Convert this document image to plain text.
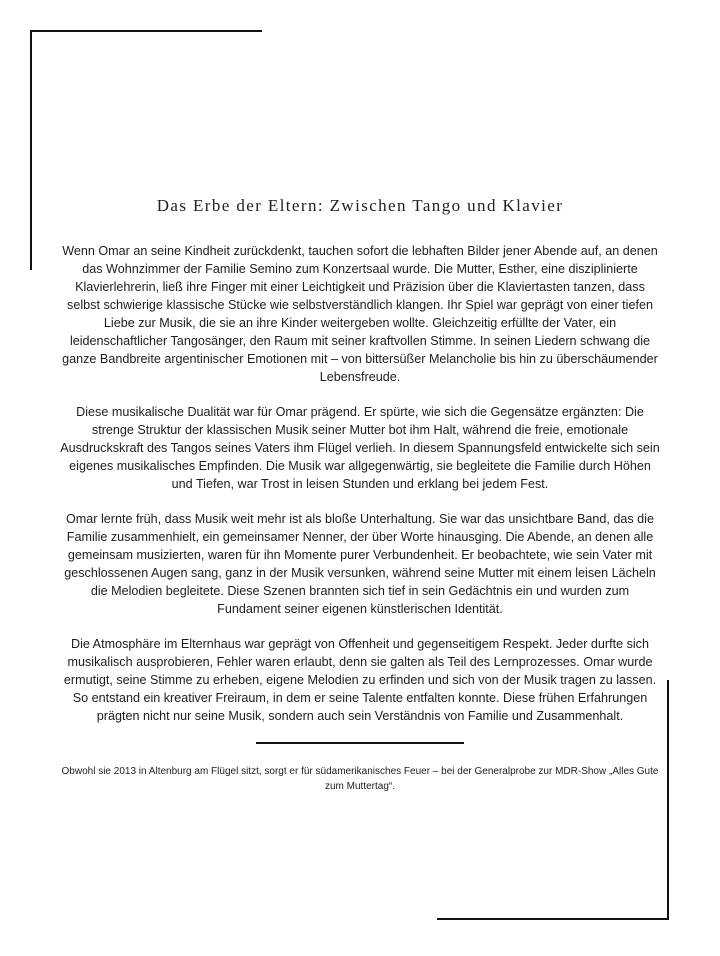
Das Erbe der Eltern: Zwischen Tango und Klavier

Wenn Omar an seine Kindheit zurückdenkt, tauchen sofort die lebhaften Bilder jener Abende auf, an denen das Wohnzimmer der Familie Semino zum Konzertsaal wurde. Die Mutter, Esther, eine disziplinierte Klavierlehrerin, ließ ihre Finger mit einer Leichtigkeit und Präzision über die Klaviertasten tanzen, dass selbst schwierige klassische Stücke wie selbstverständlich klangen. Ihr Spiel war geprägt von einer tiefen Liebe zur Musik, die sie an ihre Kinder weitergeben wollte. Gleichzeitig erfüllte der Vater, ein leidenschaftlicher Tangosänger, den Raum mit seiner kraftvollen Stimme. In seinen Liedern schwang die ganze Bandbreite argentinischer Emotionen mit – von bittersüßer Melancholie bis hin zu überschäumender Lebensfreude.

Diese musikalische Dualität war für Omar prägend. Er spürte, wie sich die Gegensätze ergänzten: Die strenge Struktur der klassischen Musik seiner Mutter bot ihm Halt, während die freie, emotionale Ausdruckskraft des Tangos seines Vaters ihm Flügel verlieh. In diesem Spannungsfeld entwickelte sich sein eigenes musikalisches Empfinden. Die Musik war allgegenwärtig, sie begleitete die Familie durch Höhen und Tiefen, war Trost in leisen Stunden und erklang bei jedem Fest.

Omar lernte früh, dass Musik weit mehr ist als bloße Unterhaltung. Sie war das unsichtbare Band, das die Familie zusammenhielt, ein gemeinsamer Nenner, der über Worte hinausging. Die Abende, an denen alle gemeinsam musizierten, waren für ihn Momente purer Verbundenheit. Er beobachtete, wie sein Vater mit geschlossenen Augen sang, ganz in der Musik versunken, während seine Mutter mit einem leisen Lächeln die Melodien begleitete. Diese Szenen brannten sich tief in sein Gedächtnis ein und wurden zum Fundament seiner eigenen künstlerischen Identität.

Die Atmosphäre im Elternhaus war geprägt von Offenheit und gegenseitigem Respekt. Jeder durfte sich musikalisch ausprobieren, Fehler waren erlaubt, denn sie galten als Teil des Lernprozesses. Omar wurde ermutigt, seine Stimme zu erheben, eigene Melodien zu erfinden und sich von der Musik tragen zu lassen. So entstand ein kreativer Freiraum, in dem er seine Talente entfalten konnte. Diese frühen Erfahrungen prägten nicht nur seine Musik, sondern auch sein Verständnis von Familie und Zusammenhalt.

Obwohl sie 2013 in Altenburg am Flügel sitzt, sorgt er für südamerikanisches Feuer – bei der Generalprobe zur MDR-Show „Alles Gute zum Muttertag“.
